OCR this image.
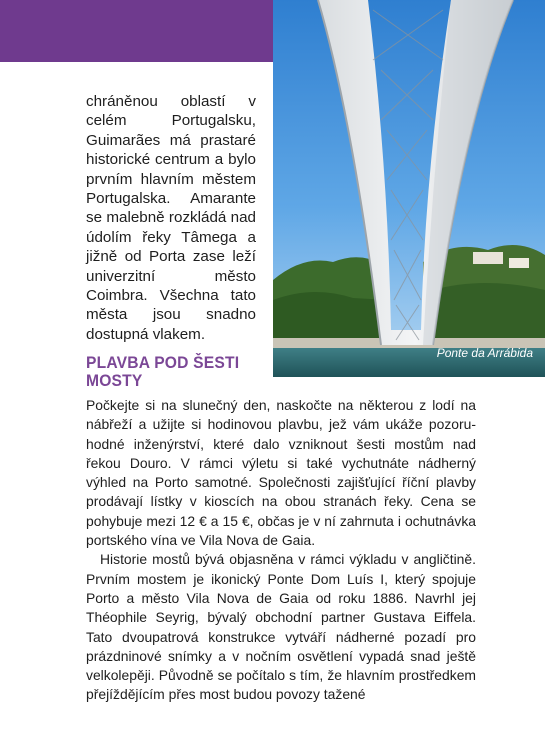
Ponte da Arrábida

chráněnou oblastí v celém Portugalsku, Guimarães má prastaré historické centrum a bylo prvním hlavním městem Portugalska. Amarante se malebně rozkládá nad údolím řeky Tâmega a jižně od Porta zase leží univerzitní město Coimbra. Všechna tato města jsou snadno dostupná vlakem.

PLAVBA POD ŠESTI MOSTY

Počkejte si na slunečný den, naskočte na některou z lodí na nábřeží a užijte si hodinovou plavbu, jež vám ukáže pozoruhodné inženýrství, které dalo vzniknout šesti mostům nad řekou Douro. V rámci výletu si také vychutnáte nádherný výhled na Porto samotné. Společnosti zajišťující říční plavby prodávají lístky v kioscích na obou stranách řeky. Cena se pohybuje mezi 12 € a 15 €, občas je v ní zahrnuta i ochutnávka portského vína ve Vila Nova de Gaia.

Historie mostů bývá objasněna v rámci výkladu v angličtině. Prvním mostem je ikonický Ponte Dom Luís I, který spojuje Porto a město Vila Nova de Gaia od roku 1886. Navrhl jej Théophile Seyrig, bývalý obchodní partner Gustava Eiffela. Tato dvoupatrová konstrukce vytváří nádherné pozadí pro prázdninové snímky a v nočním osvětlení vypadá snad ještě velkolepěji. Původně se počítalo s tím, že hlavním prostředkem přejíždějícím přes most budou povozy tažené
